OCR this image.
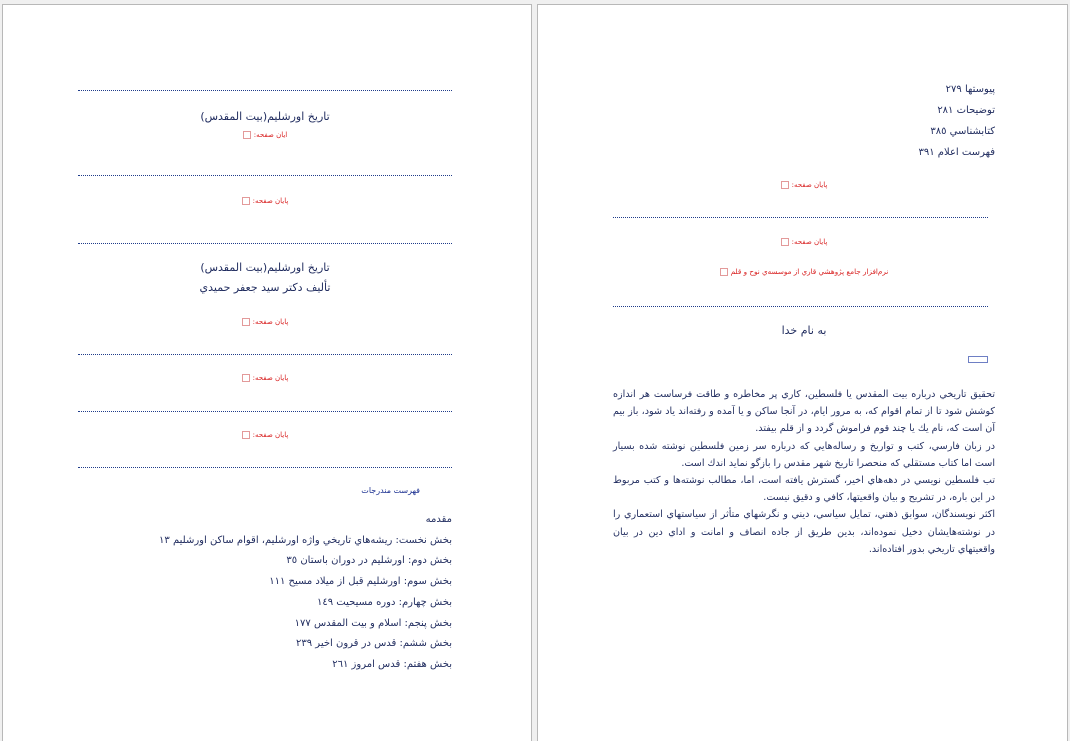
تاريخ اورشليم(بيت المقدس)
ايان صفحه:
پايان صفحه:
تاريخ اورشليم(بيت المقدس)
تأليف دكتر سيد جعفر حميدي
پايان صفحه:
پايان صفحه:
پايان صفحه:
فهرست مندرجات
مقدمه
بخش نخست: ريشه‌هاي تاريخي واژه اورشليم، اقوام ساكن اورشليم ١٣
بخش دوم: اورشليم در دوران باستان ٣٥
بخش سوم: اورشليم قبل از ميلاد مسيح ١١١
بخش چهارم: دوره مسيحيت ١٤٩
بخش پنجم: اسلام و بيت المقدس ١٧٧
بخش ششم: قدس در قرون اخير ٢٣٩
بخش هفتم: قدس امروز ٢٦١
پيوستها ٢٧٩
توضيحات ٢٨١
كتابشناسي ٣٨٥
فهرست اعلام ٣٩١
پايان صفحه:
پايان صفحه:
نرم‌افزار جامع پژوهشي قاري از موسسه‌ي نوح و قلم
به نام خدا
تحقيق تاريخي درباره بيت المقدس يا فلسطين، كاري پر مخاطره و طاقت فرساست هر اندازه كوشش شود تا از تمام اقوام كه، به مرور ايام، در آنجا ساكن و يا آمده و رفته‌اند ياد شود، باز بيم آن است كه، نام يك يا چند قوم فراموش گردد و از قلم بيفتد.
در زبان فارسي، كتب و تواريخ و رساله‌هايي كه درباره سر زمين فلسطين نوشته شده بسيار است اما كتاب مستقلي كه منحصرا تاريخ شهر مقدس را بازگو نمايد اندك است.
تب فلسطين نويسي در دهه‌هاي اخير، گسترش يافته است، اما، مطالب نوشته‌ها و كتب مربوط در اين باره، در تشريح و بيان واقعيتها، كافي و دقيق نيست.
اكثر نويسندگان، سوابق ذهني، تمايل سياسي، ديني و نگرشهاي متأثر از سياستهاي استعماري را در نوشته‌هايشان دخيل نموده‌اند، بدين طريق از جاده انصاف و امانت و اداي دين در بيان واقعيتهاي تاريخي بدور افتاده‌اند.
